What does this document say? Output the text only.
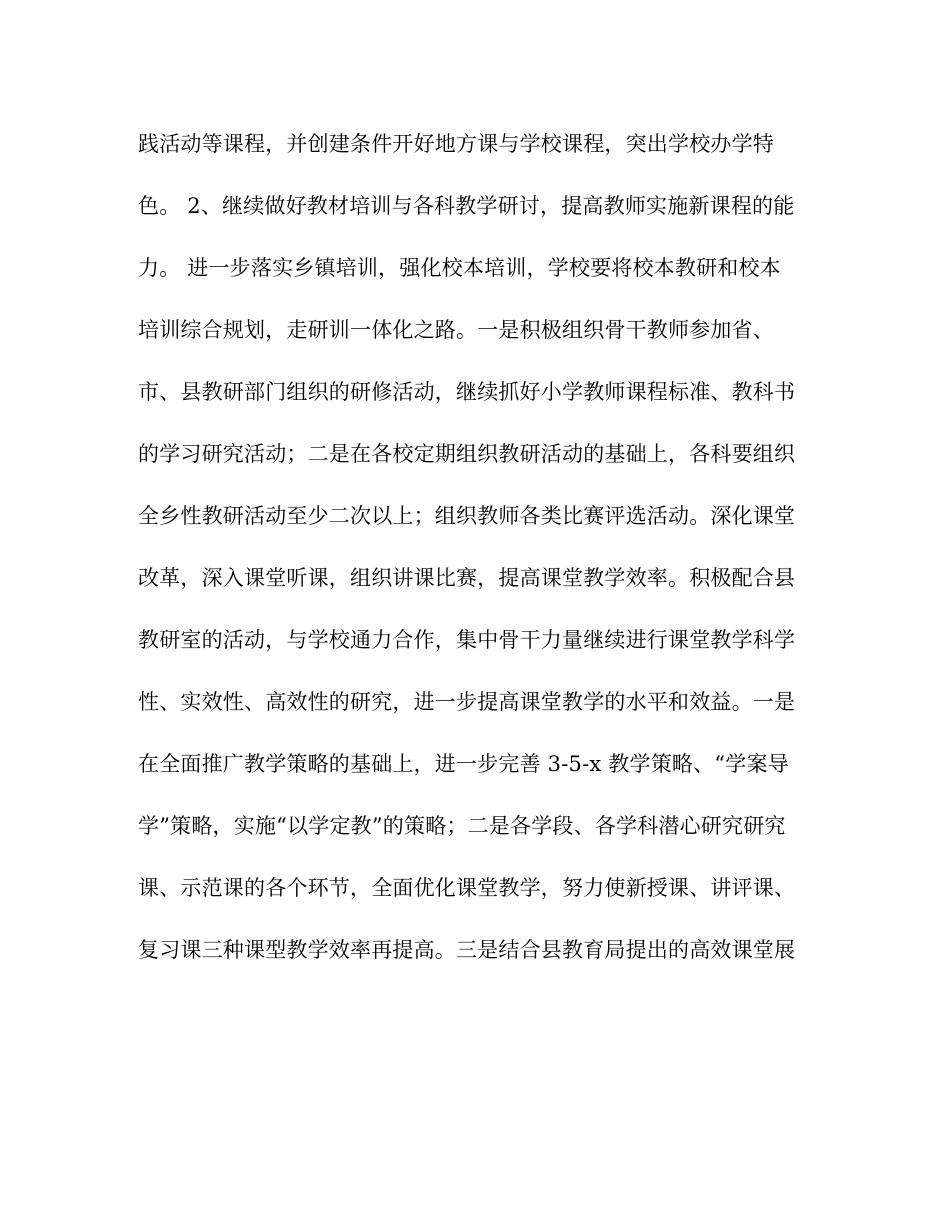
践活动等课程，并创建条件开好地方课与学校课程，突出学校办学特
色。 2、继续做好教材培训与各科教学研讨，提高教师实施新课程的能
力。 进一步落实乡镇培训，强化校本培训，学校要将校本教研和校本
培训综合规划，走研训一体化之路。一是积极组织骨干教师参加省、
市、县教研部门组织的研修活动，继续抓好小学教师课程标准、教科书
的学习研究活动；二是在各校定期组织教研活动的基础上，各科要组织
全乡性教研活动至少二次以上；组织教师各类比赛评选活动。深化课堂
改革，深入课堂听课，组织讲课比赛，提高课堂教学效率。积极配合县
教研室的活动，与学校通力合作，集中骨干力量继续进行课堂教学科学
性、实效性、高效性的研究，进一步提高课堂教学的水平和效益。一是
在全面推广教学策略的基础上，进一步完善 3-5-x 教学策略、“学案导
学”策略，实施“以学定教”的策略；二是各学段、各学科潜心研究研究
课、示范课的各个环节，全面优化课堂教学，努力使新授课、讲评课、
复习课三种课型教学效率再提高。三是结合县教育局提出的高效课堂展
